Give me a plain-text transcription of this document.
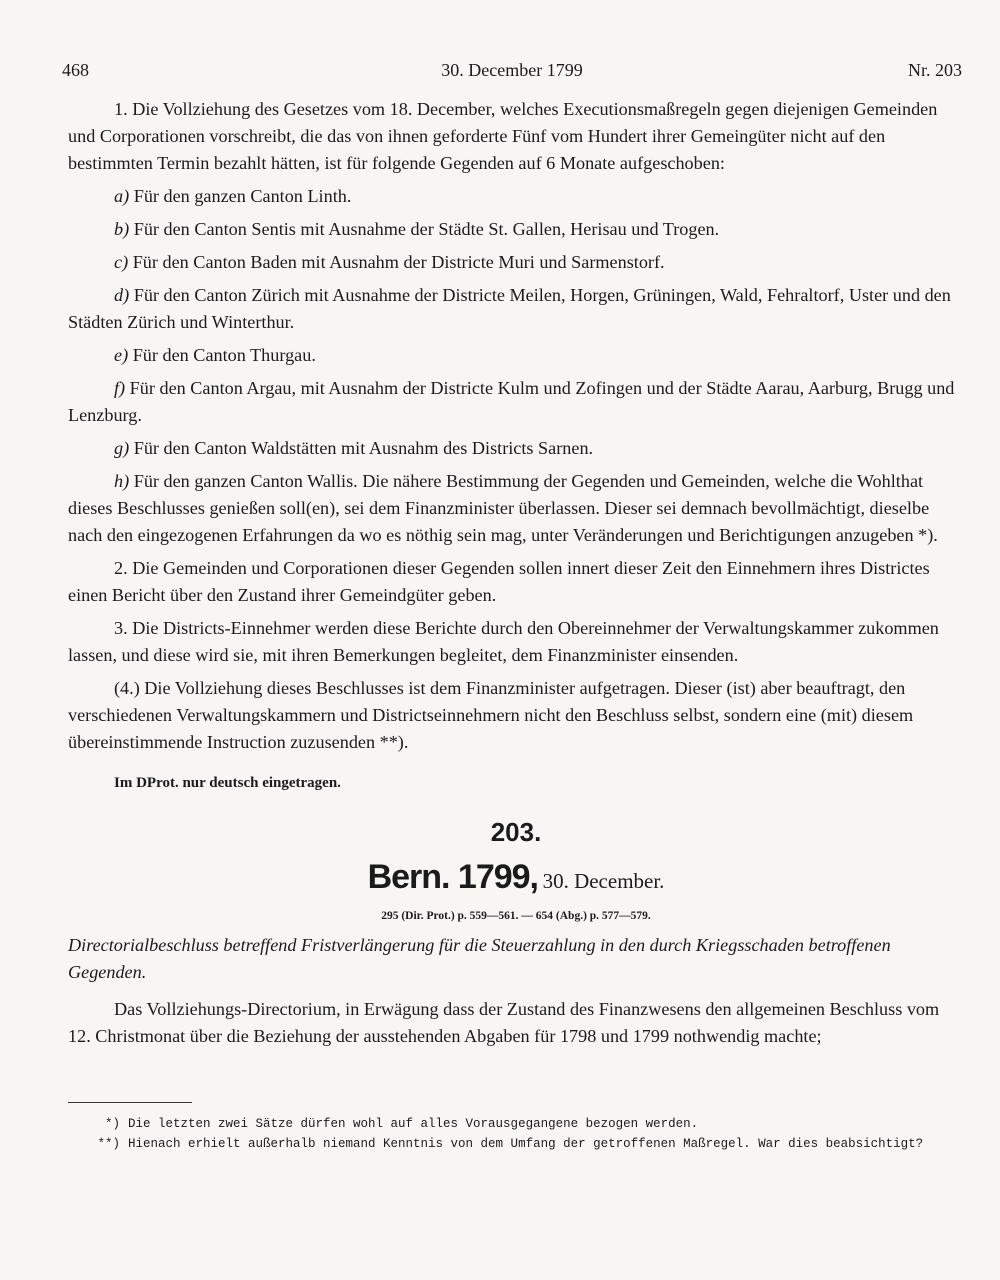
468	30. December 1799	Nr. 203

1. Die Vollziehung des Gesetzes vom 18. December, welches Executionsmaßregeln gegen diejenigen Gemeinden und Corporationen vorschreibt, die das von ihnen geforderte Fünf vom Hundert ihrer Gemeingüter nicht auf den bestimmten Termin bezahlt hätten, ist für folgende Gegenden auf 6 Monate aufgeschoben:

a) Für den ganzen Canton Linth.

b) Für den Canton Sentis mit Ausnahme der Städte St. Gallen, Herisau und Trogen.

c) Für den Canton Baden mit Ausnahm der Districte Muri und Sarmenstorf.

d) Für den Canton Zürich mit Ausnahme der Districte Meilen, Horgen, Grüningen, Wald, Fehraltorf, Uster und den Städten Zürich und Winterthur.

e) Für den Canton Thurgau.

f) Für den Canton Argau, mit Ausnahm der Districte Kulm und Zofingen und der Städte Aarau, Aarburg, Brugg und Lenzburg.

g) Für den Canton Waldstätten mit Ausnahm des Districts Sarnen.

h) Für den ganzen Canton Wallis. Die nähere Bestimmung der Gegenden und Gemeinden, welche die Wohlthat dieses Beschlusses genießen soll(en), sei dem Finanzminister überlassen. Dieser sei demnach bevollmächtigt, dieselbe nach den eingezogenen Erfahrungen da wo es nöthig sein mag, unter Veränderungen und Berichtigungen anzugeben *).

2. Die Gemeinden und Corporationen dieser Gegenden sollen innert dieser Zeit den Einnehmern ihres Districtes einen Bericht über den Zustand ihrer Gemeindgüter geben.

3. Die Districts-Einnehmer werden diese Berichte durch den Obereinnehmer der Verwaltungskammer zukommen lassen, und diese wird sie, mit ihren Bemerkungen begleitet, dem Finanzminister einsenden.

(4.) Die Vollziehung dieses Beschlusses ist dem Finanzminister aufgetragen. Dieser (ist) aber beauftragt, den verschiedenen Verwaltungskammern und Districtseinnehmern nicht den Beschluss selbst, sondern eine (mit) diesem übereinstimmende Instruction zuzusenden **).

Im DProt. nur deutsch eingetragen.

203.

Bern. 1799, 30. December.

295 (Dir. Prot.) p. 559—561. — 654 (Abg.) p. 577—579.

Directorialbeschluss betreffend Fristverlängerung für die Steuerzahlung in den durch Kriegsschaden betroffenen Gegenden.

Das Vollziehungs-Directorium, in Erwägung dass der Zustand des Finanzwesens den allgemeinen Beschluss vom 12. Christmonat über die Beziehung der ausstehenden Abgaben für 1798 und 1799 nothwendig machte;

*) Die letzten zwei Sätze dürfen wohl auf alles Vorausgegangene bezogen werden.
**) Hienach erhielt außerhalb niemand Kenntnis von dem Umfang der getroffenen Maßregel. War dies beabsichtigt?
